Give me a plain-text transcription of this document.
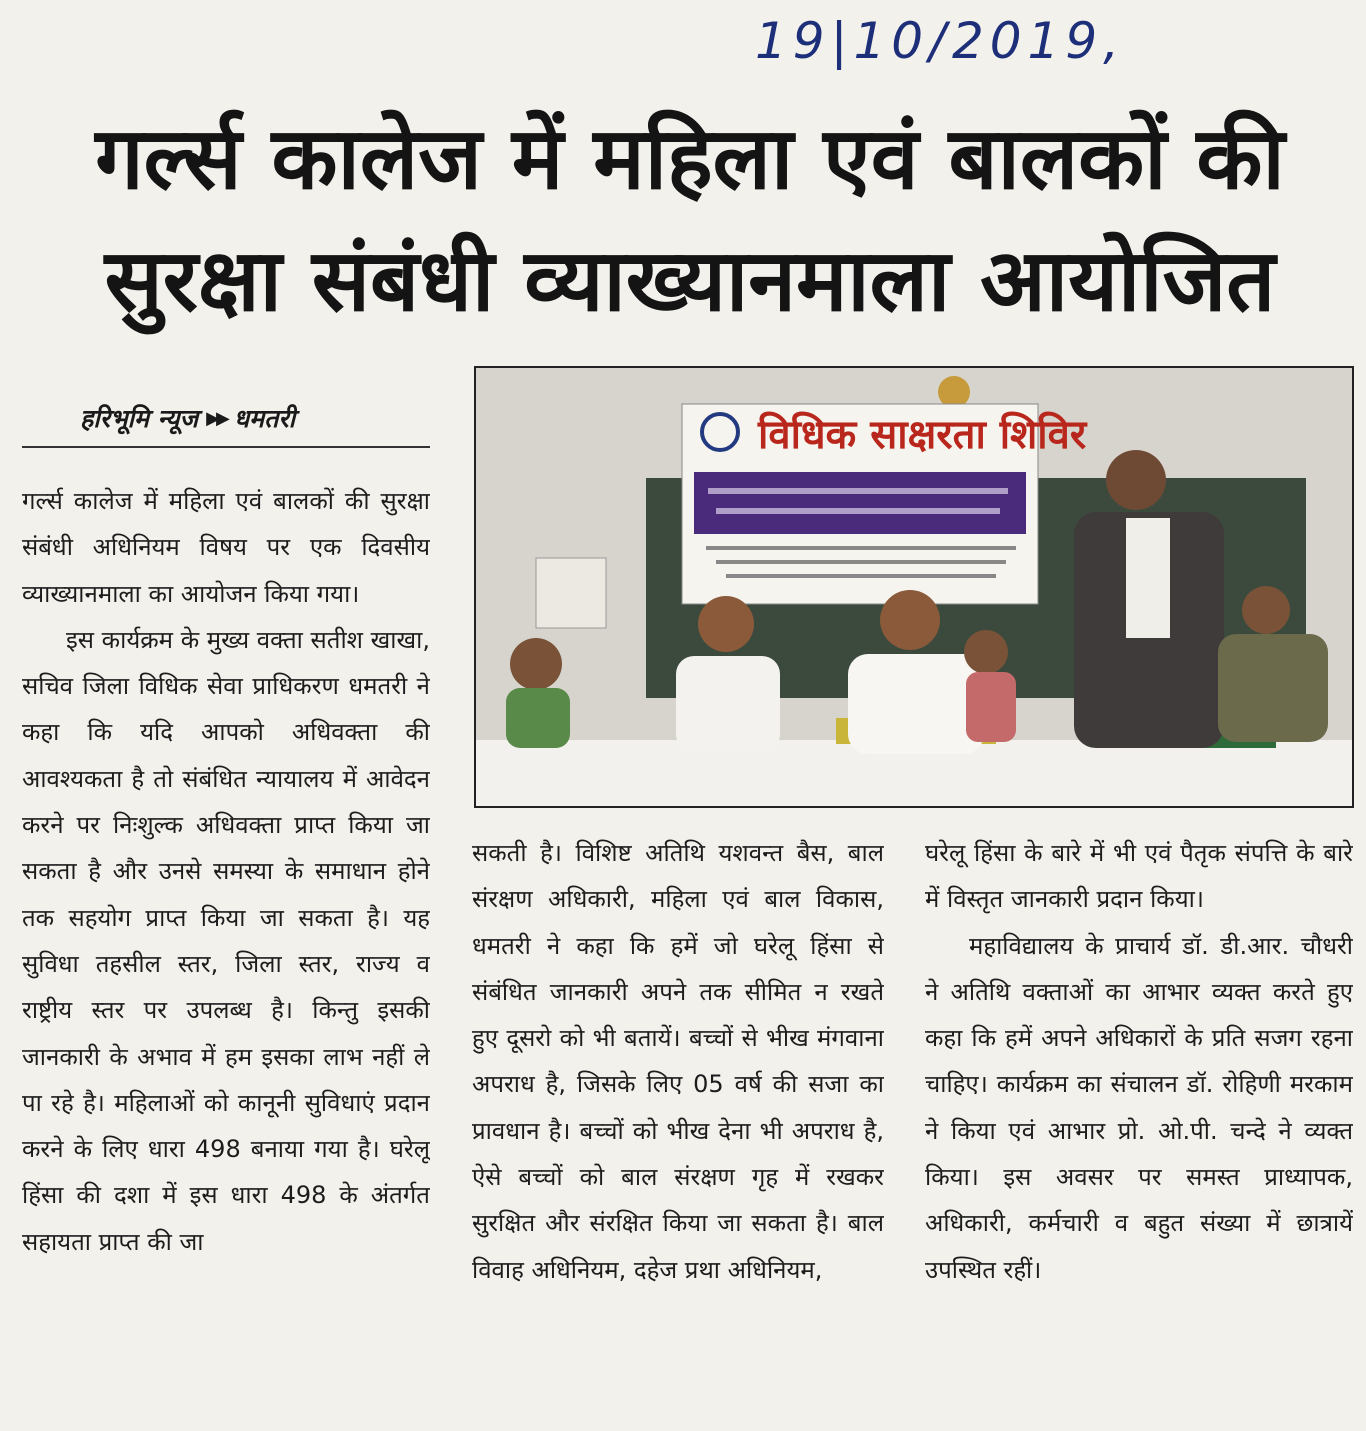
19|10/2019,
गर्ल्स कालेज में महिला एवं बालकों की
सुरक्षा संबंधी व्याख्यानमाला आयोजित
हरिभूमि न्यूज ▶▶ धमतरी

गर्ल्स कालेज में महिला एवं बालकों की सुरक्षा संबंधी अधिनियम विषय पर एक दिवसीय व्याख्यानमाला का आयोजन किया गया।

इस कार्यक्रम के मुख्य वक्ता सतीश खाखा, सचिव जिला विधिक सेवा प्राधिकरण धमतरी ने कहा कि यदि आपको अधिवक्ता की आवश्यकता है तो संबंधित न्यायालय में आवेदन करने पर निःशुल्क अधिवक्ता प्राप्त किया जा सकता है और उनसे समस्या के समाधान होने तक सहयोग प्राप्त किया जा सकता है। यह सुविधा तहसील स्तर, जिला स्तर, राज्य व राष्ट्रीय स्तर पर उपलब्ध है। किन्तु इसकी जानकारी के अभाव में हम इसका लाभ नहीं ले पा रहे है। महिलाओं को कानूनी सुविधाएं प्रदान करने के लिए धारा 498 बनाया गया है। घरेलू हिंसा की दशा में इस धारा 498 के अंतर्गत सहायता प्राप्त की जा

विधिक साक्षरता शिविर

सकती है। विशिष्ट अतिथि यशवन्त बैस, बाल संरक्षण अधिकारी, महिला एवं बाल विकास, धमतरी ने कहा कि हमें जो घरेलू हिंसा से संबंधित जानकारी अपने तक सीमित न रखते हुए दूसरो को भी बतायें। बच्चों से भीख मंगवाना अपराध है, जिसके लिए 05 वर्ष की सजा का प्रावधान है। बच्चों को भीख देना भी अपराध है, ऐसे बच्चों को बाल संरक्षण गृह में रखकर सुरक्षित और संरक्षित किया जा सकता है। बाल विवाह अधिनियम, दहेज प्रथा अधिनियम,

घरेलू हिंसा के बारे में भी एवं पैतृक संपत्ति के बारे में विस्तृत जानकारी प्रदान किया।

महाविद्यालय के प्राचार्य डॉ. डी.आर. चौधरी ने अतिथि वक्ताओं का आभार व्यक्त करते हुए कहा कि हमें अपने अधिकारों के प्रति सजग रहना चाहिए। कार्यक्रम का संचालन डॉ. रोहिणी मरकाम ने किया एवं आभार प्रो. ओ.पी. चन्दे ने व्यक्त किया। इस अवसर पर समस्त प्राध्यापक, अधिकारी, कर्मचारी व बहुत संख्या में छात्रायें उपस्थित रहीं।
